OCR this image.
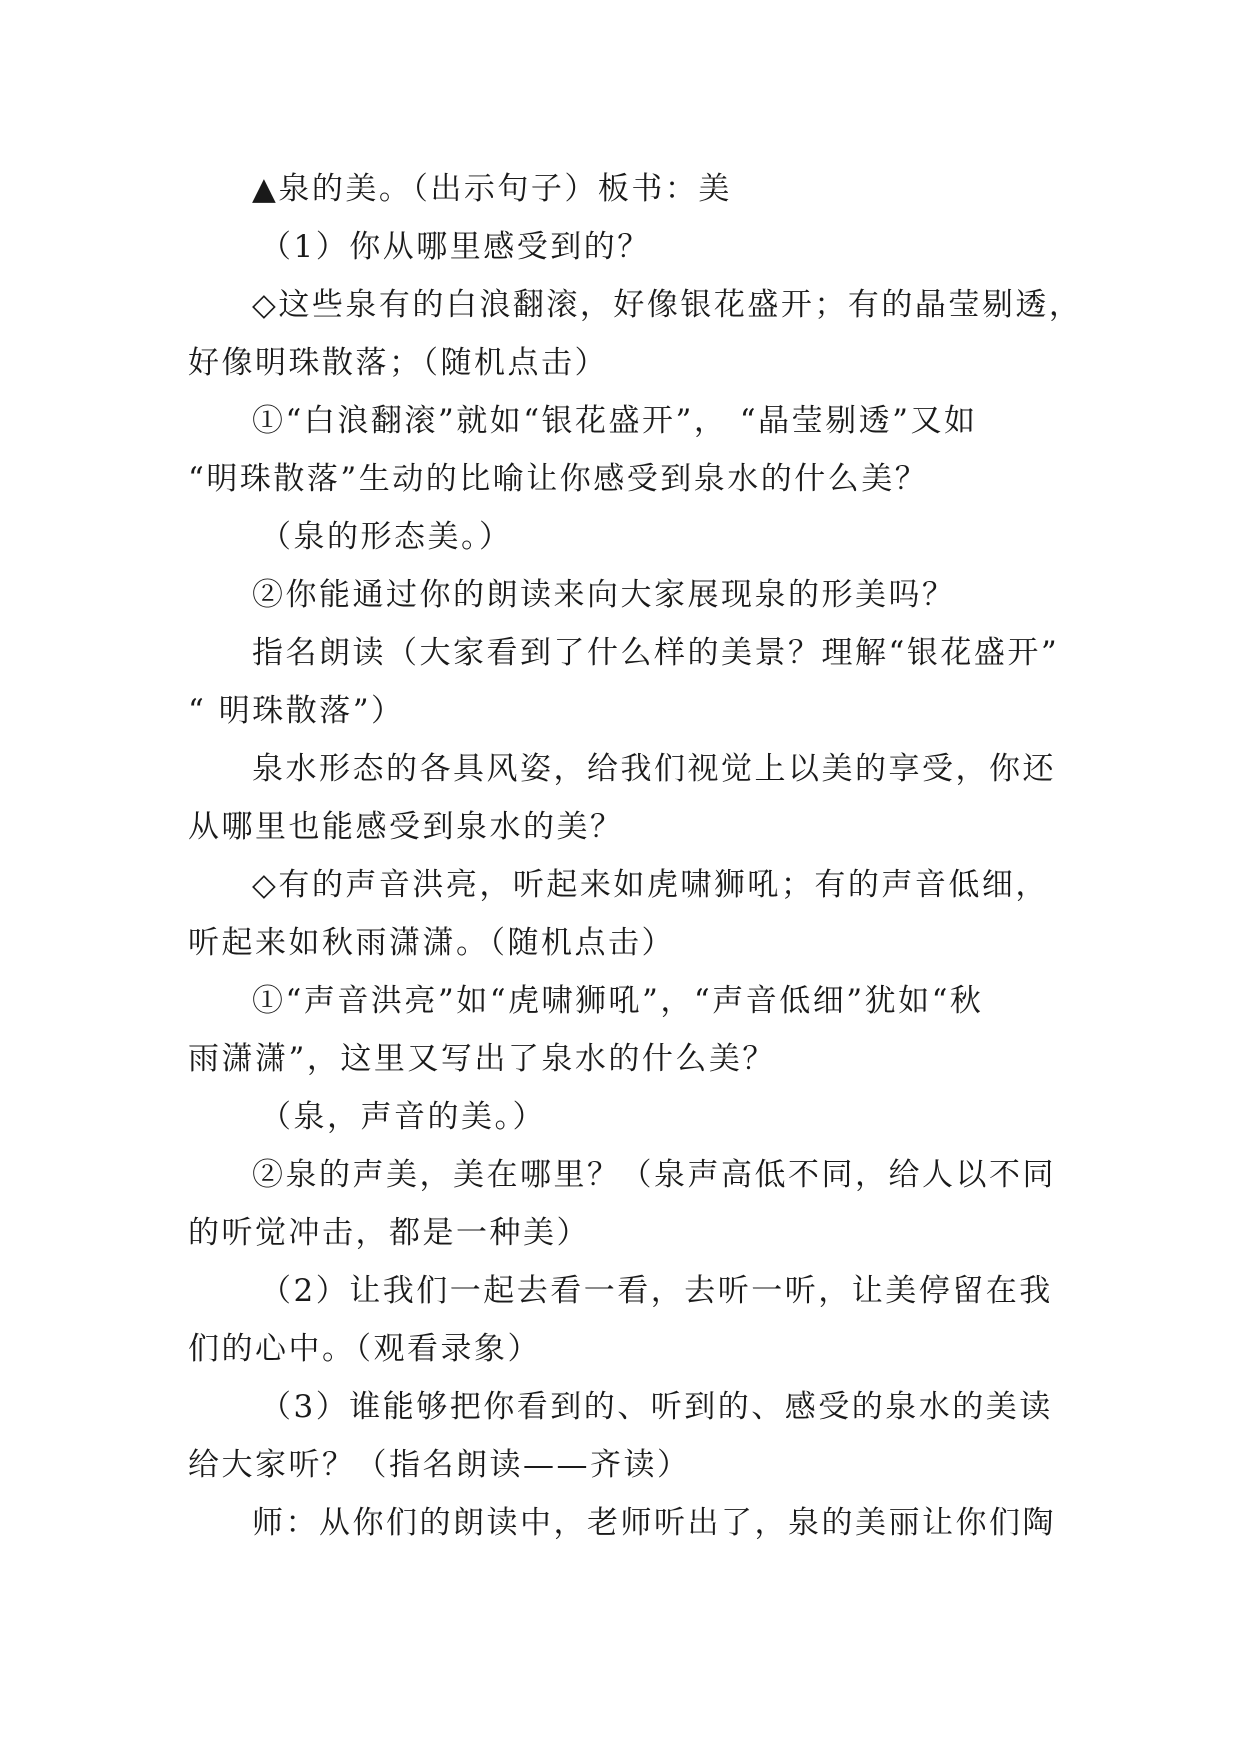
▲泉的美。（出示句子）板书：美
（1）你从哪里感受到的？
◇这些泉有的白浪翻滚，好像银花盛开；有的晶莹剔透，
好像明珠散落；（随机点击）
①“白浪翻滚”就如“银花盛开”， “晶莹剔透”又如
“明珠散落”生动的比喻让你感受到泉水的什么美？
（泉的形态美。）
②你能通过你的朗读来向大家展现泉的形美吗？
指名朗读（大家看到了什么样的美景？理解“银花盛开”
“ 明珠散落”）
泉水形态的各具风姿，给我们视觉上以美的享受，你还
从哪里也能感受到泉水的美？
◇有的声音洪亮，听起来如虎啸狮吼；有的声音低细，
听起来如秋雨潇潇。（随机点击）
①“声音洪亮”如“虎啸狮吼”，“声音低细”犹如“秋
雨潇潇”，这里又写出了泉水的什么美？
（泉，声音的美。）
②泉的声美，美在哪里？（泉声高低不同，给人以不同
的听觉冲击，都是一种美）
（2）让我们一起去看一看，去听一听，让美停留在我
们的心中。（观看录象）
（3）谁能够把你看到的、听到的、感受的泉水的美读
给大家听？（指名朗读——齐读）
师：从你们的朗读中，老师听出了，泉的美丽让你们陶
